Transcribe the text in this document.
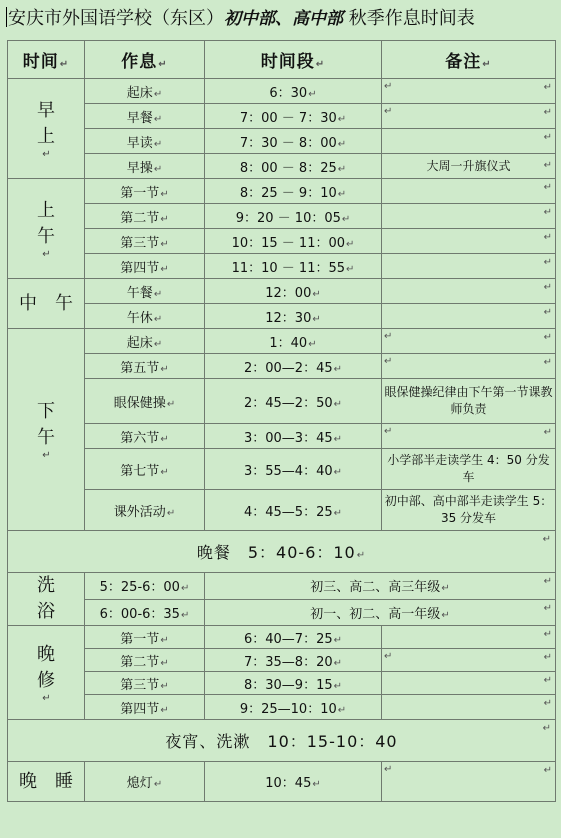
安庆市外国语学校（东区）初中部、高中部 秋季作息时间表
时间↵	作息↵	时间段↵	备注↵

早
上
↵	起床↵	6：30↵	↵ ↵

	早餐↵	7：00 － 7：30↵	↵ ↵

	早读↵	7：30 － 8：00↵	↵

	早操↵	8：00 － 8：25↵	大周一升旗仪式 ↵

上
午
↵	第一节↵	8：25 － 9：10↵	↵

	第二节↵	9：20 － 10：05↵	↵

	第三节↵	10：15 － 11：00↵	↵

	第四节↵	11：10 － 11：55↵	↵

中　午	午餐↵	12：00↵	↵

	午休↵	12：30↵	↵

下
午
↵	起床↵	1：40↵	↵ ↵

	第五节↵	2：00—2：45↵	↵ ↵

	眼保健操↵	2：45—2：50↵	眼保健操纪律由下午第一节课教师负责
	第六节↵	3：00—3：45↵	↵ ↵

	第七节↵	3：55—4：40↵	小学部半走读学生 4：50 分发车
	课外活动↵	4：45—5：25↵	初中部、高中部半走读学生 5：35 分发车
晚餐　5：40-6：10↵
↵			

洗
浴	5：25-6：00↵	初三、高二、高三年级↵
↵	

	6：00-6：35↵	初一、初二、高一年级↵
↵	

晚
修
↵	第一节↵	6：40—7：25↵	↵

	第二节↵	7：35—8：20↵	↵ ↵

	第三节↵	8：30—9：15↵	↵

	第四节↵	9：25—10：10↵	↵

夜宵、洗漱　10：15-10：40
↵			

晚　睡	熄灯↵	10：45↵	↵ ↵
